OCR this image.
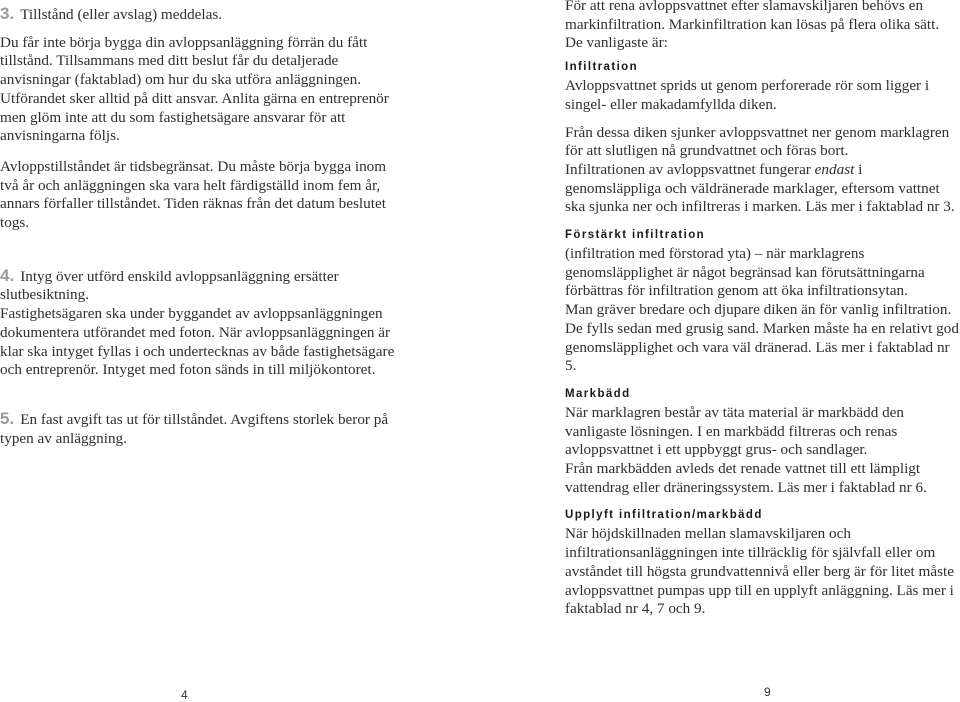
3. Tillstånd (eller avslag) meddelas.

Du får inte börja bygga din avloppsanläggning förrän du fått tillstånd. Tillsammans med ditt beslut får du detaljerade anvisningar (faktablad) om hur du ska utföra anläggningen. Utförandet sker alltid på ditt ansvar. Anlita gärna en entreprenör men glöm inte att du som fastighetsägare ansvarar för att anvisningarna följs.

Avloppstillståndet är tidsbegränsat. Du måste börja bygga inom två år och anläggningen ska vara helt färdigställd inom fem år, annars förfaller tillståndet. Tiden räknas från det datum beslutet togs.

4. Intyg över utförd enskild avloppsanläggning ersätter slutbesiktning.

Fastighetsägaren ska under byggandet av avloppsanläggningen dokumentera utförandet med foton. När avloppsanläggningen är klar ska intyget fyllas i och undertecknas av både fastighetsägare och entreprenör. Intyget med foton sänds in till miljökontoret.

5. En fast avgift tas ut för tillståndet. Avgiftens storlek beror på typen av anläggning.

4

För att rena avloppsvattnet efter slamavskiljaren behövs en markinfiltration. Markinfiltration kan lösas på flera olika sätt. De vanligaste är:

Infiltration

Avloppsvattnet sprids ut genom perforerade rör som ligger i singel- eller makadamfyllda diken.

Från dessa diken sjunker avloppsvattnet ner genom marklagren för att slutligen nå grundvattnet och föras bort.

Infiltrationen av avloppsvattnet fungerar endast i genomsläppliga och väldränerade marklager, eftersom vattnet ska sjunka ner och infiltreras i marken. Läs mer i faktablad nr 3.

Förstärkt infiltration

(infiltration med förstorad yta) – när marklagrens genomsläpplighet är något begränsad kan förutsättningarna förbättras för infiltration genom att öka infiltrationsytan.

Man gräver bredare och djupare diken än för vanlig infiltration. De fylls sedan med grusig sand. Marken måste ha en relativt god genomsläpplighet och vara väl dränerad. Läs mer i faktablad nr 5.

Markbädd

När marklagren består av täta material är markbädd den vanligaste lösningen. I en markbädd filtreras och renas avloppsvattnet i ett uppbyggt grus- och sandlager.

Från markbädden avleds det renade vattnet till ett lämpligt vattendrag eller dräneringssystem. Läs mer i faktablad nr 6.

Upplyft infiltration/markbädd

När höjdskillnaden mellan slamavskiljaren och infiltrationsanläggningen inte tillräcklig för självfall eller om avståndet till högsta grundvattennivå eller berg är för litet måste avloppsvattnet pumpas upp till en upplyft anläggning. Läs mer i faktablad nr 4, 7 och 9.

9
